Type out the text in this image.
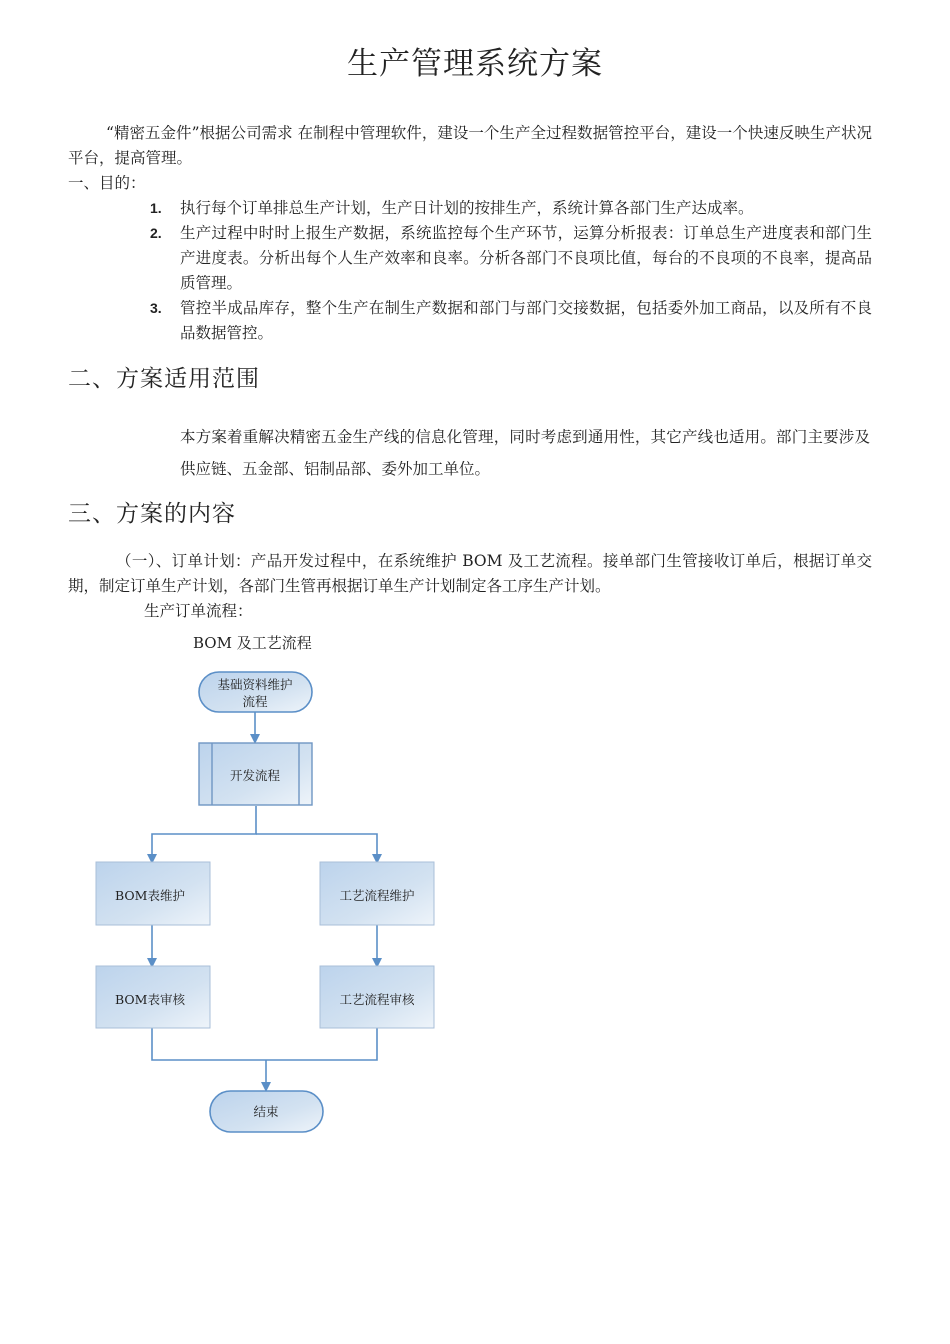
生产管理系统方案
“精密五金件”根据公司需求 在制程中管理软件，建设一个生产全过程数据管控平台，建设一个快速反映生产状况平台，提高管理。
一、目的：
1. 执行每个订单排总生产计划，生产日计划的按排生产，系统计算各部门生产达成率。
2. 生产过程中时时上报生产数据，系统监控每个生产环节，运算分析报表：订单总生产进度表和部门生产进度表。分析出每个人生产效率和良率。分析各部门不良项比值，每台的不良项的不良率，提高品质管理。
3. 管控半成品库存，整个生产在制生产数据和部门与部门交接数据，包括委外加工商品，以及所有不良品数据管控。
二、方案适用范围
本方案着重解决精密五金生产线的信息化管理，同时考虑到通用性，其它产线也适用。部门主要涉及供应链、五金部、铝制品部、委外加工单位。
三、方案的内容
（一）、订单计划：产品开发过程中，在系统维护 BOM 及工艺流程。接单部门生管接收订单后，根据订单交期，制定订单生产计划，各部门生管再根据订单生产计划制定各工序生产计划。
生产订单流程：
BOM 及工艺流程
基础资料维护
流程
开发流程
BOM表维护	工艺流程维护
BOM表审核	工艺流程审核
结束
